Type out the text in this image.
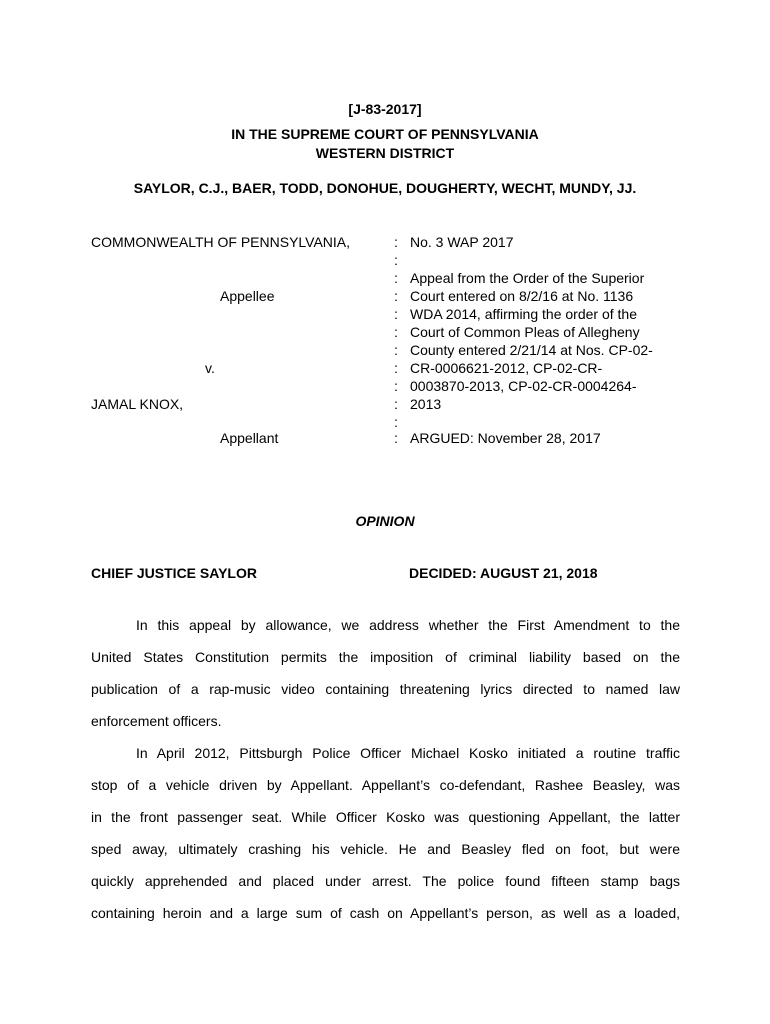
[J-83-2017]
IN THE SUPREME COURT OF PENNSYLVANIA
WESTERN DISTRICT
SAYLOR, C.J., BAER, TODD, DONOHUE, DOUGHERTY, WECHT, MUNDY, JJ.
COMMONWEALTH OF PENNSYLVANIA,
Appellee
v.
JAMAL KNOX,
Appellant
:
:
:
:
:
:
:
:
:
:
:
:
No. 3 WAP 2017
Appeal from the Order of the Superior
Court entered on 8/2/16 at No. 1136
WDA 2014, affirming the order of the
Court of Common Pleas of Allegheny
County entered 2/21/14 at Nos. CP-02-
CR-0006621-2012, CP-02-CR-
0003870-2013, CP-02-CR-0004264-
2013
ARGUED: November 28, 2017
OPINION
CHIEF JUSTICE SAYLOR	DECIDED: AUGUST 21, 2018
In this appeal by allowance, we address whether the First Amendment to the
United States Constitution permits the imposition of criminal liability based on the
publication of a rap-music video containing threatening lyrics directed to named law
enforcement officers.
In April 2012, Pittsburgh Police Officer Michael Kosko initiated a routine traffic
stop of a vehicle driven by Appellant. Appellant’s co-defendant, Rashee Beasley, was
in the front passenger seat. While Officer Kosko was questioning Appellant, the latter
sped away, ultimately crashing his vehicle. He and Beasley fled on foot, but were
quickly apprehended and placed under arrest. The police found fifteen stamp bags
containing heroin and a large sum of cash on Appellant’s person, as well as a loaded,
